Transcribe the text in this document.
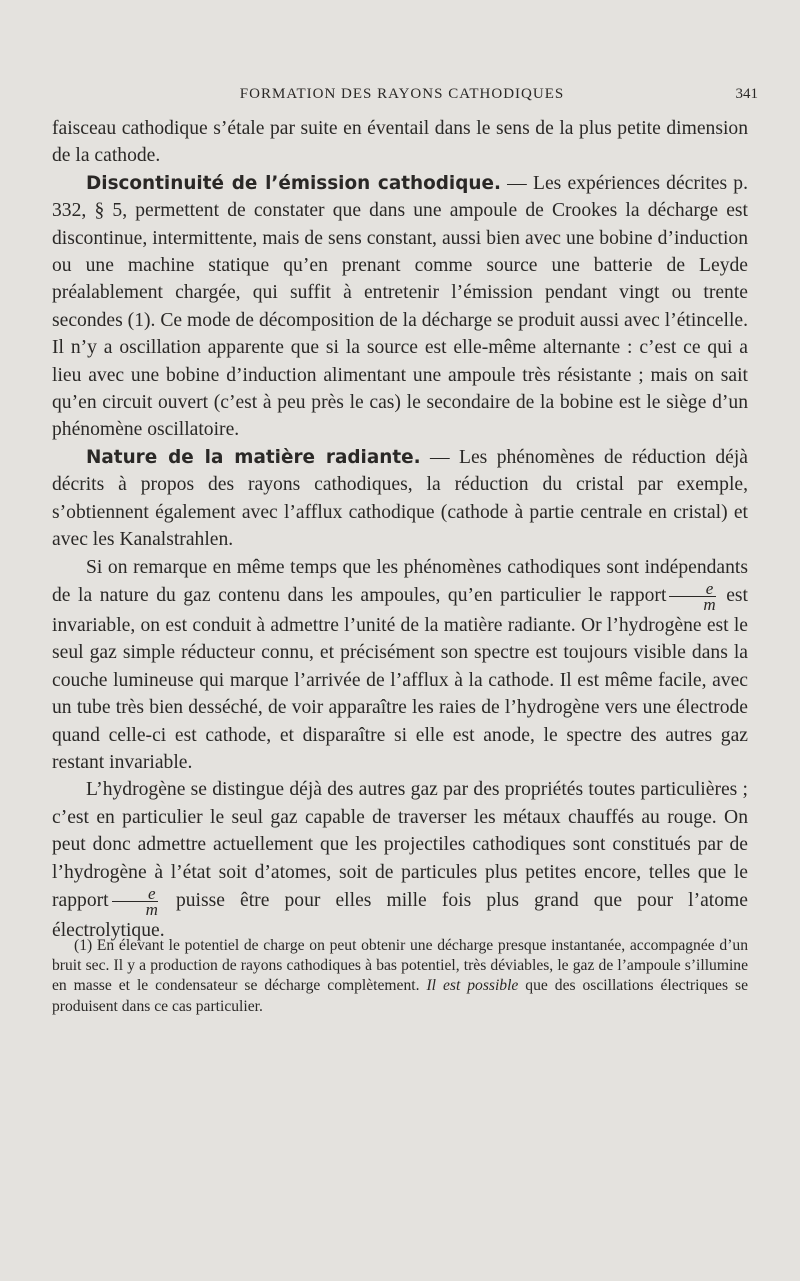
FORMATION DES RAYONS CATHODIQUES	341

faisceau cathodique s’étale par suite en éventail dans le sens de la plus petite dimension de la cathode.

Discontinuité de l’émission cathodique. — Les expériences décrites p. 332, § 5, permettent de constater que dans une ampoule de Crookes la décharge est discontinue, intermittente, mais de sens constant, aussi bien avec une bobine d’induction ou une machine statique qu’en prenant comme source une batterie de Leyde préalablement chargée, qui suffit à entretenir l’émission pendant vingt ou trente secondes (1). Ce mode de décomposition de la décharge se produit aussi avec l’étincelle. Il n’y a oscillation apparente que si la source est elle-même alternante : c’est ce qui a lieu avec une bobine d’induction alimentant une ampoule très résistante ; mais on sait qu’en circuit ouvert (c’est à peu près le cas) le secondaire de la bobine est le siège d’un phénomène oscillatoire.

Nature de la matière radiante. — Les phénomènes de réduction déjà décrits à propos des rayons cathodiques, la réduction du cristal par exemple, s’obtiennent également avec l’afflux cathodique (cathode à partie centrale en cristal) et avec les Kanalstrahlen.

Si on remarque en même temps que les phénomènes cathodiques sont indépendants de la nature du gaz contenu dans les ampoules, qu’en particulier le rapport $\frac{e}{m}$ est invariable, on est conduit à admettre l’unité de la matière radiante. Or l’hydrogène est le seul gaz simple réducteur connu, et précisément son spectre est toujours visible dans la couche lumineuse qui marque l’arrivée de l’afflux à la cathode. Il est même facile, avec un tube très bien desséché, de voir apparaître les raies de l’hydrogène vers une électrode quand celle-ci est cathode, et disparaître si elle est anode, le spectre des autres gaz restant invariable.

L’hydrogène se distingue déjà des autres gaz par des propriétés toutes particulières ; c’est en particulier le seul gaz capable de traverser les métaux chauffés au rouge. On peut donc admettre actuellement que les projectiles cathodiques sont constitués par de l’hydrogène à l’état soit d’atomes, soit de particules plus petites encore, telles que le rapport $\frac{e}{m}$ puisse être pour elles mille fois plus grand que pour l’atome électrolytique.

(1) En élevant le potentiel de charge on peut obtenir une décharge presque instantanée, accompagnée d’un bruit sec. Il y a production de rayons cathodiques à bas potentiel, très déviables, le gaz de l’ampoule s’illumine en masse et le condensateur se décharge complètement. Il est possible que des oscillations électriques se produisent dans ce cas particulier.
